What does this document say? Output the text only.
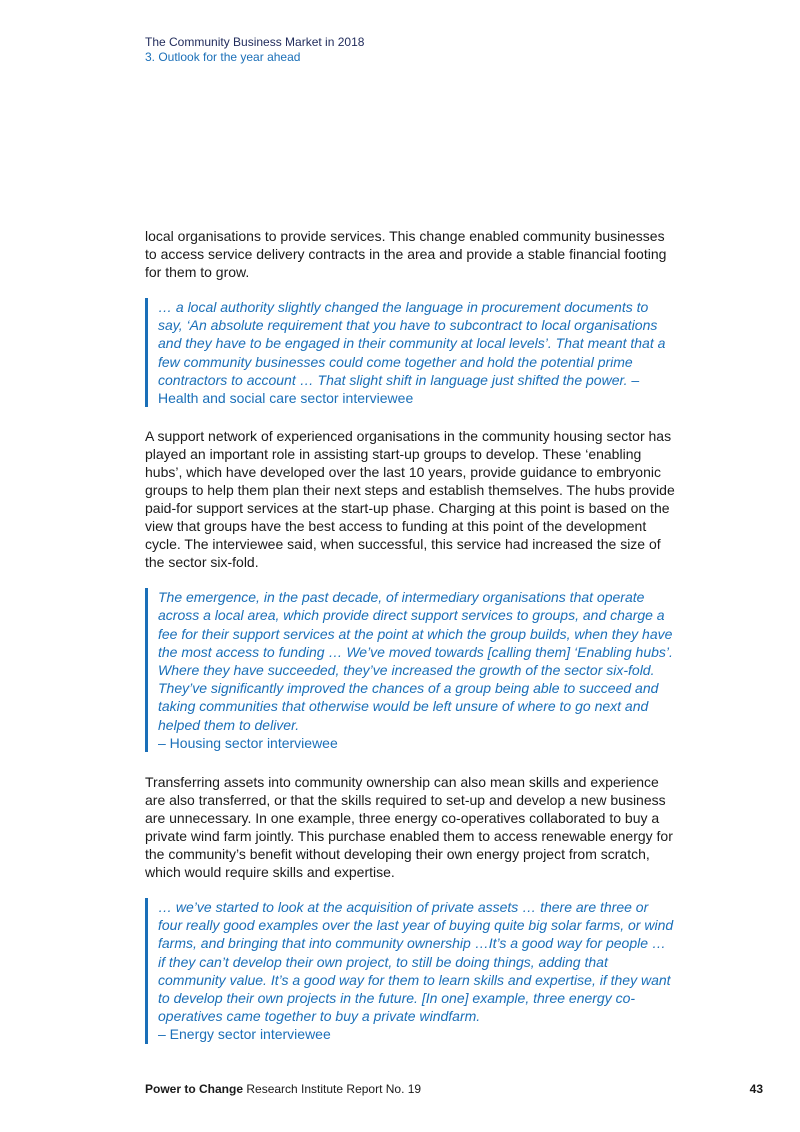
The Community Business Market in 2018
3. Outlook for the year ahead

local organisations to provide services. This change enabled community businesses to access service delivery contracts in the area and provide a stable financial footing for them to grow.

… a local authority slightly changed the language in procurement documents to say, ‘An absolute requirement that you have to subcontract to local organisations and they have to be engaged in their community at local levels’. That meant that a few community businesses could come together and hold the potential prime contractors to account … That slight shift in language just shifted the power. – Health and social care sector interviewee

A support network of experienced organisations in the community housing sector has played an important role in assisting start-up groups to develop. These ‘enabling hubs’, which have developed over the last 10 years, provide guidance to embryonic groups to help them plan their next steps and establish themselves. The hubs provide paid-for support services at the start-up phase. Charging at this point is based on the view that groups have the best access to funding at this point of the development cycle. The interviewee said, when successful, this service had increased the size of the sector six-fold.

The emergence, in the past decade, of intermediary organisations that operate across a local area, which provide direct support services to groups, and charge a fee for their support services at the point at which the group builds, when they have the most access to funding … We’ve moved towards [calling them] ‘Enabling hubs’. Where they have succeeded, they’ve increased the growth of the sector six-fold. They’ve significantly improved the chances of a group being able to succeed and taking communities that otherwise would be left unsure of where to go next and helped them to deliver.
– Housing sector interviewee

Transferring assets into community ownership can also mean skills and experience are also transferred, or that the skills required to set-up and develop a new business are unnecessary. In one example, three energy co-operatives collaborated to buy a private wind farm jointly. This purchase enabled them to access renewable energy for the community’s benefit without developing their own energy project from scratch, which would require skills and expertise.

… we’ve started to look at the acquisition of private assets … there are three or four really good examples over the last year of buying quite big solar farms, or wind farms, and bringing that into community ownership …It’s a good way for people … if they can’t develop their own project, to still be doing things, adding that community value. It’s a good way for them to learn skills and expertise, if they want to develop their own projects in the future. [In one] example, three energy co-operatives came together to buy a private windfarm.
– Energy sector interviewee
Power to Change Research Institute Report No. 19	43
